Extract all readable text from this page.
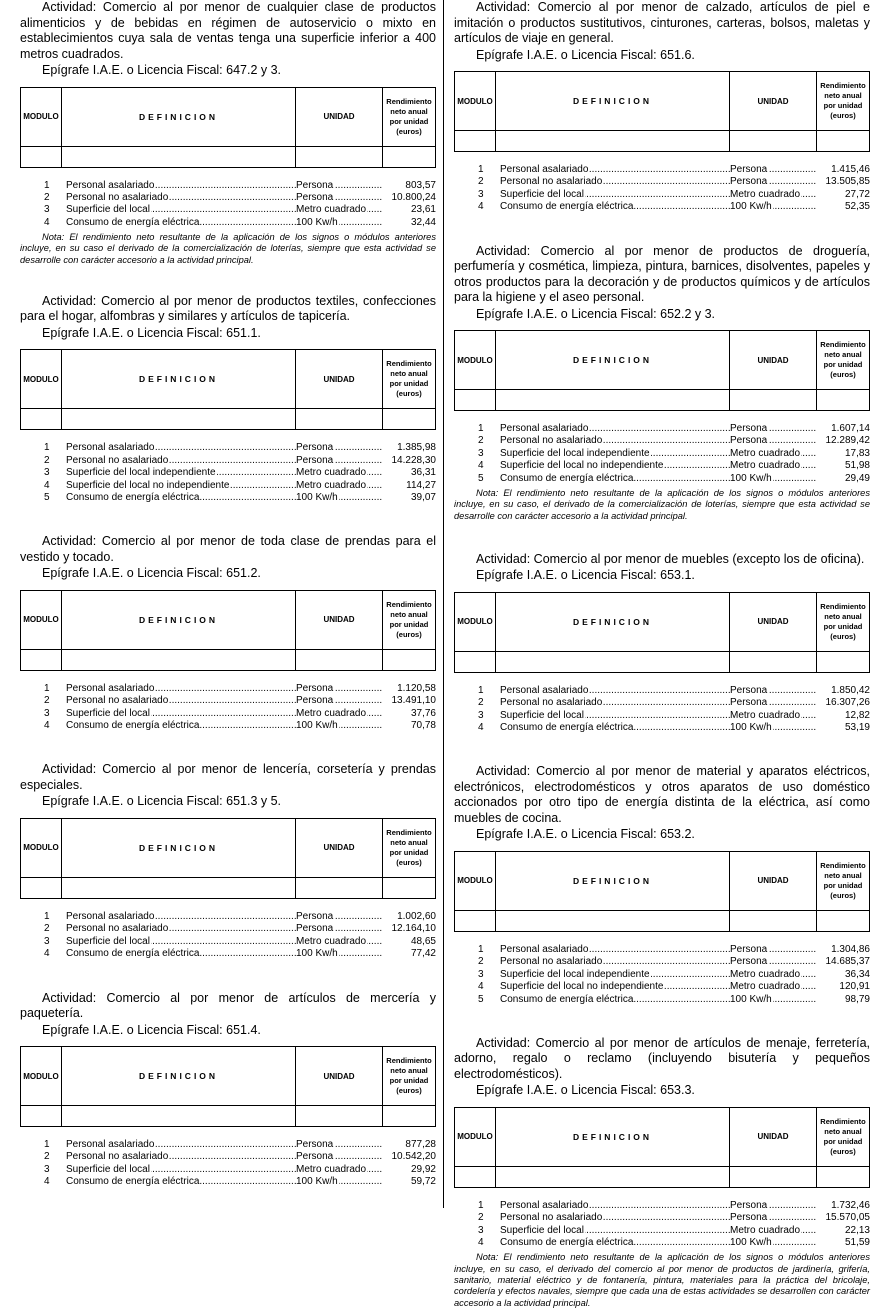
Actividad: Comercio al por menor de cualquier clase de productos alimenticios y de bebidas en régimen de autoservicio o mixto en establecimientos cuya sala de ventas tenga una superficie inferior a 400 metros cuadrados.

Epígrafe I.A.E. o Licencia Fiscal: 647.2 y 3.
MODULO	DEFINICION	UNIDAD	Rendimiento
neto anual
por unidad
(euros)

1	Personal asalariado .....	Persona .....	803,57
2	Personal no asalariado .....	Persona .....	10.800,24
3	Superficie del local .....	Metro cuadrado .....	23,61
4	Consumo de energía eléctrica .....	100 Kw/h .....	32,44

Nota: El rendimiento neto resultante de la aplicación de los signos o módulos anteriores incluye, en su caso el derivado de la comercialización de loterías, siempre que esta actividad se desarrolle con carácter accesorio a la actividad principal.

Actividad: Comercio al por menor de productos textiles, confecciones para el hogar, alfombras y similares y artículos de tapicería.

Epígrafe I.A.E. o Licencia Fiscal: 651.1.
MODULO	DEFINICION	UNIDAD	Rendimiento
neto anual
por unidad
(euros)

1	Personal asalariado .....	Persona .....	1.385,98
2	Personal no asalariado .....	Persona .....	14.228,30
3	Superficie del local independiente .....	Metro cuadrado .....	36,31
4	Superficie del local no independiente .....	Metro cuadrado .....	114,27
5	Consumo de energía eléctrica .....	100 Kw/h .....	39,07

Actividad: Comercio al por menor de toda clase de prendas para el vestido y tocado.

Epígrafe I.A.E. o Licencia Fiscal: 651.2.
MODULO	DEFINICION	UNIDAD	Rendimiento
neto anual
por unidad
(euros)

1	Personal asalariado .....	Persona .....	1.120,58
2	Personal no asalariado .....	Persona .....	13.491,10
3	Superficie del local .....	Metro cuadrado .....	37,76
4	Consumo de energía eléctrica .....	100 Kw/h .....	70,78

Actividad: Comercio al por menor de lencería, corsetería y prendas especiales.

Epígrafe I.A.E. o Licencia Fiscal: 651.3 y 5.
MODULO	DEFINICION	UNIDAD	Rendimiento
neto anual
por unidad
(euros)

1	Personal asalariado .....	Persona .....	1.002,60
2	Personal no asalariado .....	Persona .....	12.164,10
3	Superficie del local .....	Metro cuadrado .....	48,65
4	Consumo de energía eléctrica .....	100 Kw/h .....	77,42

Actividad: Comercio al por menor de artículos de mercería y paquetería.

Epígrafe I.A.E. o Licencia Fiscal: 651.4.
MODULO	DEFINICION	UNIDAD	Rendimiento
neto anual
por unidad
(euros)

1	Personal asalariado .....	Persona .....	877,28
2	Personal no asalariado .....	Persona .....	10.542,20
3	Superficie del local .....	Metro cuadrado .....	29,92
4	Consumo de energía eléctrica .....	100 Kw/h .....	59,72

Actividad: Comercio al por menor de calzado, artículos de piel e imitación o productos sustitutivos, cinturones, carteras, bolsos, maletas y artículos de viaje en general.

Epígrafe I.A.E. o Licencia Fiscal: 651.6.
MODULO	DEFINICION	UNIDAD	Rendimiento
neto anual
por unidad
(euros)

1	Personal asalariado .....	Persona .....	1.415,46
2	Personal no asalariado .....	Persona .....	13.505,85
3	Superficie del local .....	Metro cuadrado .....	27,72
4	Consumo de energía eléctrica .....	100 Kw/h .....	52,35

Actividad: Comercio al por menor de productos de droguería, perfumería y cosmética, limpieza, pintura, barnices, disolventes, papeles y otros productos para la decoración y de productos químicos y de artículos para la higiene y el aseo personal.

Epígrafe I.A.E. o Licencia Fiscal: 652.2 y 3.
MODULO	DEFINICION	UNIDAD	Rendimiento
neto anual
por unidad
(euros)

1	Personal asalariado .....	Persona .....	1.607,14
2	Personal no asalariado .....	Persona .....	12.289,42
3	Superficie del local independiente .....	Metro cuadrado .....	17,83
4	Superficie del local no independiente .....	Metro cuadrado .....	51,98
5	Consumo de energía eléctrica .....	100 Kw/h .....	29,49

Nota: El rendimiento neto resultante de la aplicación de los signos o módulos anteriores incluye, en su caso, el derivado de la comercialización de loterías, siempre que esta actividad se desarrolle con carácter accesorio a la actividad principal.

Actividad: Comercio al por menor de muebles (excepto los de oficina).

Epígrafe I.A.E. o Licencia Fiscal: 653.1.
MODULO	DEFINICION	UNIDAD	Rendimiento
neto anual
por unidad
(euros)

1	Personal asalariado .....	Persona .....	1.850,42
2	Personal no asalariado .....	Persona .....	16.307,26
3	Superficie del local .....	Metro cuadrado .....	12,82
4	Consumo de energía eléctrica .....	100 Kw/h .....	53,19

Actividad: Comercio al por menor de material y aparatos eléctricos, electrónicos, electrodomésticos y otros aparatos de uso doméstico accionados por otro tipo de energía distinta de la eléctrica, así como muebles de cocina.

Epígrafe I.A.E. o Licencia Fiscal: 653.2.
MODULO	DEFINICION	UNIDAD	Rendimiento
neto anual
por unidad
(euros)

1	Personal asalariado .....	Persona .....	1.304,86
2	Personal no asalariado .....	Persona .....	14.685,37
3	Superficie del local independiente .....	Metro cuadrado .....	36,34
4	Superficie del local no independiente .....	Metro cuadrado .....	120,91
5	Consumo de energía eléctrica .....	100 Kw/h .....	98,79

Actividad: Comercio al por menor de artículos de menaje, ferretería, adorno, regalo o reclamo (incluyendo bisutería y pequeños electrodomésticos).

Epígrafe I.A.E. o Licencia Fiscal: 653.3.
MODULO	DEFINICION	UNIDAD	Rendimiento
neto anual
por unidad
(euros)

1	Personal asalariado .....	Persona .....	1.732,46
2	Personal no asalariado .....	Persona .....	15.570,05
3	Superficie del local .....	Metro cuadrado .....	22,13
4	Consumo de energía eléctrica .....	100 Kw/h .....	51,59

Nota: El rendimiento neto resultante de la aplicación de los signos o módulos anteriores incluye, en su caso, el derivado del comercio al por menor de productos de jardinería, grifería, sanitario, material eléctrico y de fontanería, pintura, materiales para la práctica del bricolaje, cordelería y efectos navales, siempre que cada una de estas actividades se desarrollen con carácter accesorio a la actividad principal.
